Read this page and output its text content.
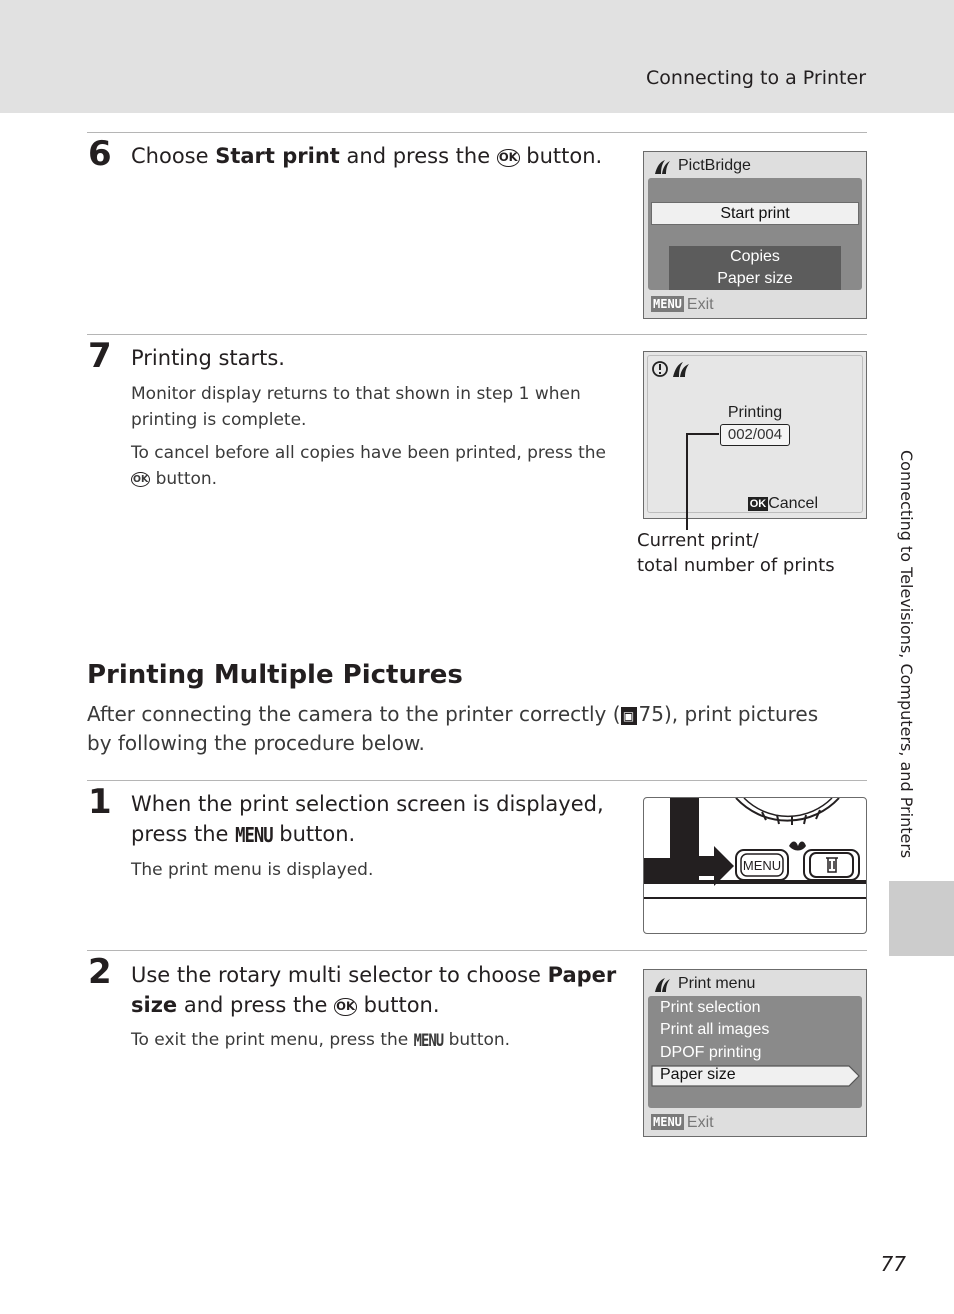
Connecting to a Printer
Connecting to Televisions, Computers, and Printers
6 Choose Start print and press the OK button.	PictBridge
Start print
Copies
Paper size
MENU Exit
7 Printing starts.
Monitor display returns to that shown in step 1 when printing is complete.
To cancel before all copies have been printed, press the
OK button.
Printing
002/004
OK Cancel
Current print/
total number of prints
Printing Multiple Pictures
After connecting the camera to the printer correctly ( ▣  75), print pictures by following the procedure below.
1 When the print selection screen is displayed, press the MENU button.
The print menu is displayed.	MENU
2 Use the rotary multi selector to choose Paper size and press the OK button.
To exit the print menu, press the MENU button.
Print menu
Print selection
Print all images
DPOF printing
Paper size
MENU Exit
77
